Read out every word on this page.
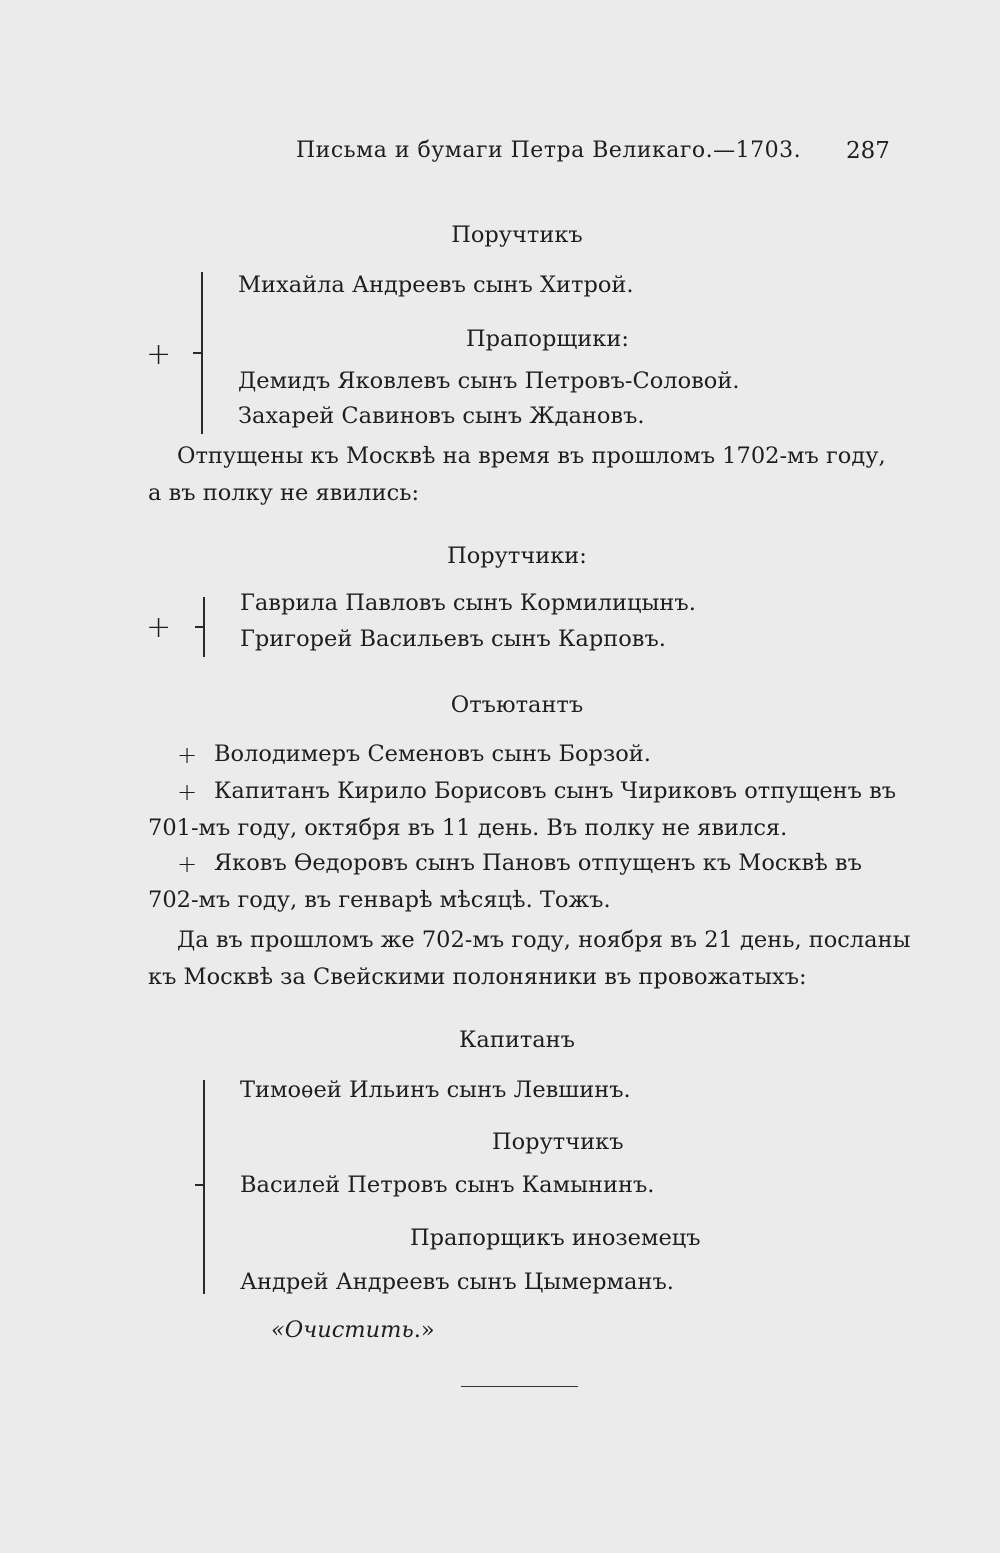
Письма и бумаги Петра Великаго.—1703. 287
Поручтикъ
+
Михайла Андреевъ сынъ Хитрой.
Прапорщики:
Демидъ Яковлевъ сынъ Петровъ-Соловой.
Захарей Савиновъ сынъ Ждановъ.
Отпущены къ Москвѣ на время въ прошломъ 1702-мъ году,
а въ полку не явились:
Порутчики:
+
Гаврила Павловъ сынъ Кормилицынъ.
Григорей Васильевъ сынъ Карповъ.
Отъютантъ
+ Володимеръ Семеновъ сынъ Борзой.
+ Капитанъ Кирило Борисовъ сынъ Чириковъ отпущенъ въ
701-мъ году, октября въ 11 день. Въ полку не явился.
+ Яковъ Өедоровъ сынъ Пановъ отпущенъ къ Москвѣ въ
702-мъ году, въ генварѣ мѣсяцѣ. Тожъ.
Да въ прошломъ же 702-мъ году, ноября въ 21 день, посланы
къ Москвѣ за Свейскими полоняники въ провожатыхъ:
Капитанъ
Тимоѳей Ильинъ сынъ Левшинъ.
Порутчикъ
Василей Петровъ сынъ Камынинъ.
Прапорщикъ иноземецъ
Андрей Андреевъ сынъ Цымерманъ.
«Очистить.»
